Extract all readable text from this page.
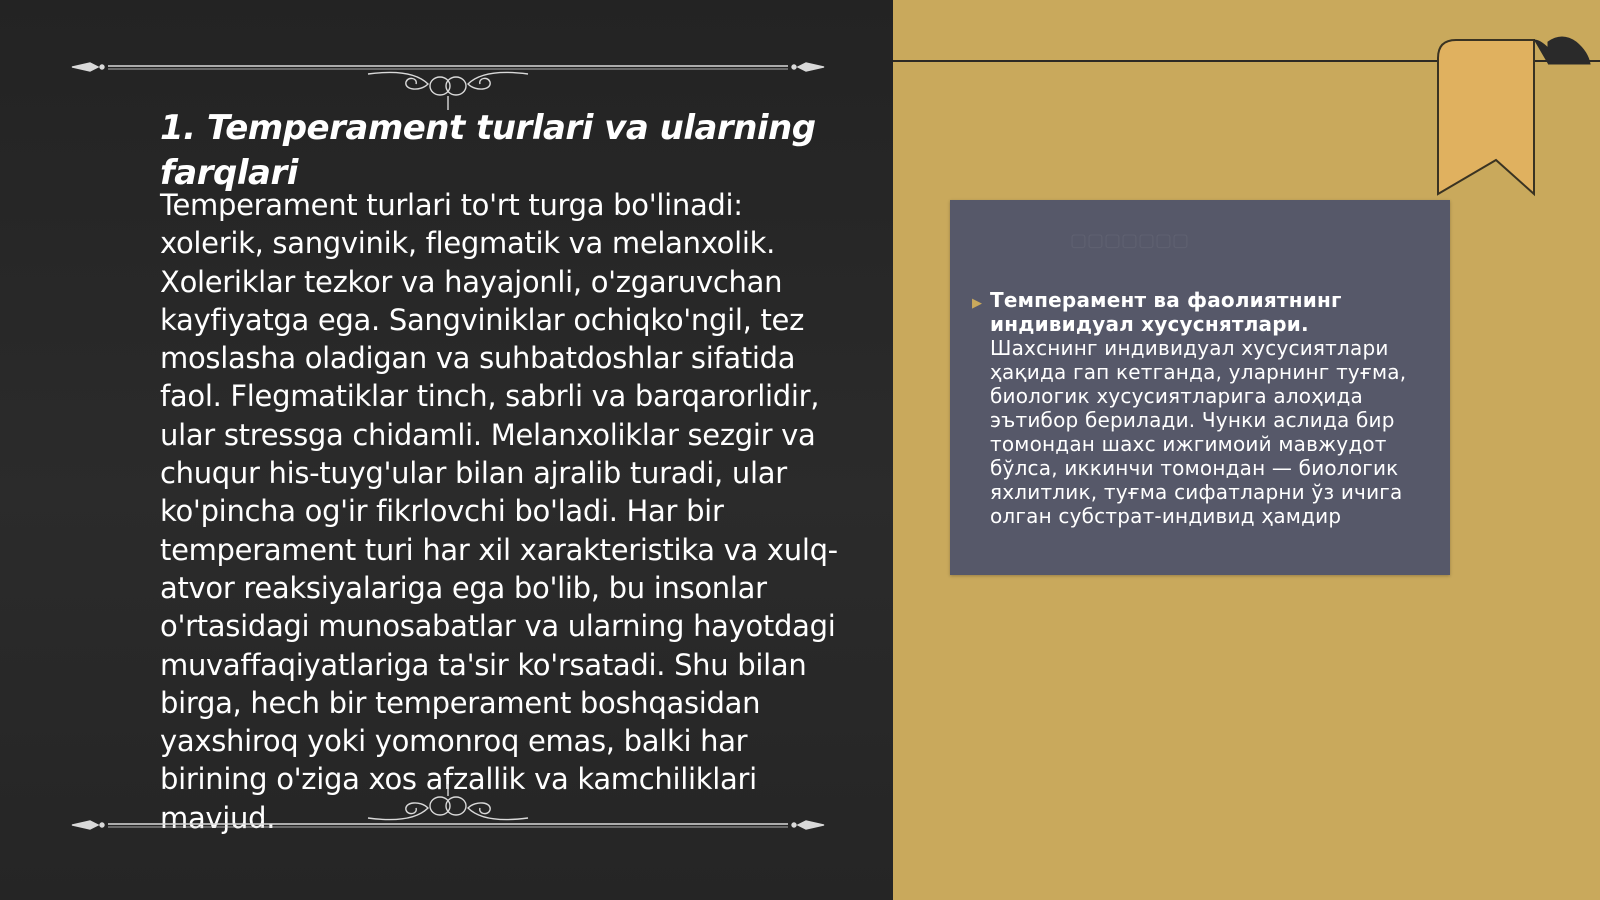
1. Temperament turlari va ularning farqlari

Temperament turlari to'rt turga bo'linadi: xolerik, sangvinik, flegmatik va melanxolik. Xoleriklar tezkor va hayajonli, o'zgaruvchan kayfiyatga ega. Sangviniklar ochiqko'ngil, tez moslasha oladigan va suhbatdoshlar sifatida faol. Flegmatiklar tinch, sabrli va barqarorlidir, ular stressga chidamli. Melanxoliklar sezgir va chuqur his-tuyg'ular bilan ajralib turadi, ular ko'pincha og'ir fikrlovchi bo'ladi. Har bir temperament turi har xil xarakteristika va xulq-atvor reaksiyalariga ega bo'lib, bu insonlar o'rtasidagi munosabatlar va ularning hayotdagi muvaffaqiyatlariga ta'sir ko'rsatadi. Shu bilan birga, hech bir temperament boshqasidan yaxshiroq yoki yomonroq emas, balki har birining o'ziga xos afzallik va kamchiliklari mavjud.

▢▢▢▢▢▢▢
▶ Темперамент ва фаолиятнинг индивидуал хусуснятлари.
Шахснинг индивидуал хусусиятлари ҳақида гап кетганда, уларнинг туғма, биологик хусусиятларига алоҳида эътибор берилади. Чунки аслида бир томондан шахс ижгимоий мавжудот бўлса, иккинчи томондан — биологик яхлитлик, туғма сифатларни ўз ичига олган субстрат-индивид ҳамдир
